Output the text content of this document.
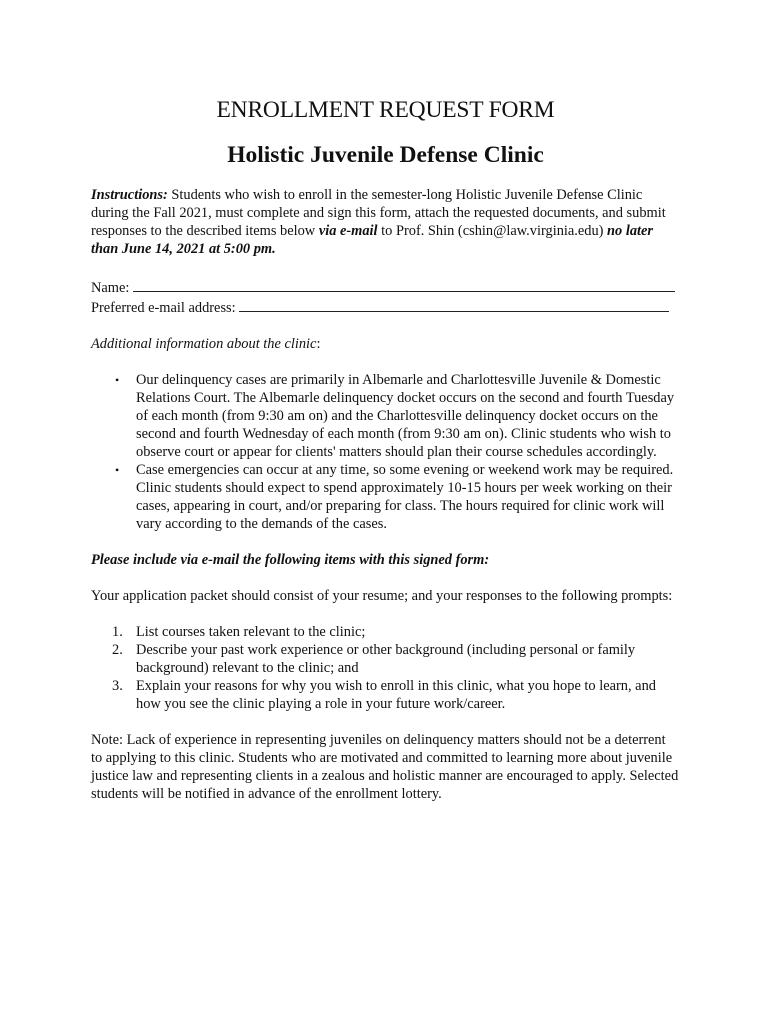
ENROLLMENT REQUEST FORM
Holistic Juvenile Defense Clinic
Instructions: Students who wish to enroll in the semester-long Holistic Juvenile Defense Clinic during the Fall 2021, must complete and sign this form, attach the requested documents, and submit responses to the described items below via e-mail to Prof. Shin (cshin@law.virginia.edu) no later than June 14, 2021 at 5:00 pm.
Name:
Preferred e-mail address:
Additional information about the clinic:
• Our delinquency cases are primarily in Albemarle and Charlottesville Juvenile & Domestic Relations Court. The Albemarle delinquency docket occurs on the second and fourth Tuesday of each month (from 9:30 am on) and the Charlottesville delinquency docket occurs on the second and fourth Wednesday of each month (from 9:30 am on). Clinic students who wish to observe court or appear for clients' matters should plan their course schedules accordingly.
• Case emergencies can occur at any time, so some evening or weekend work may be required. Clinic students should expect to spend approximately 10-15 hours per week working on their cases, appearing in court, and/or preparing for class. The hours required for clinic work will vary according to the demands of the cases.
Please include via e-mail the following items with this signed form:
Your application packet should consist of your resume; and your responses to the following prompts:
1. List courses taken relevant to the clinic;
2. Describe your past work experience or other background (including personal or family background) relevant to the clinic; and
3. Explain your reasons for why you wish to enroll in this clinic, what you hope to learn, and how you see the clinic playing a role in your future work/career.
Note: Lack of experience in representing juveniles on delinquency matters should not be a deterrent to applying to this clinic. Students who are motivated and committed to learning more about juvenile justice law and representing clients in a zealous and holistic manner are encouraged to apply. Selected students will be notified in advance of the enrollment lottery.
